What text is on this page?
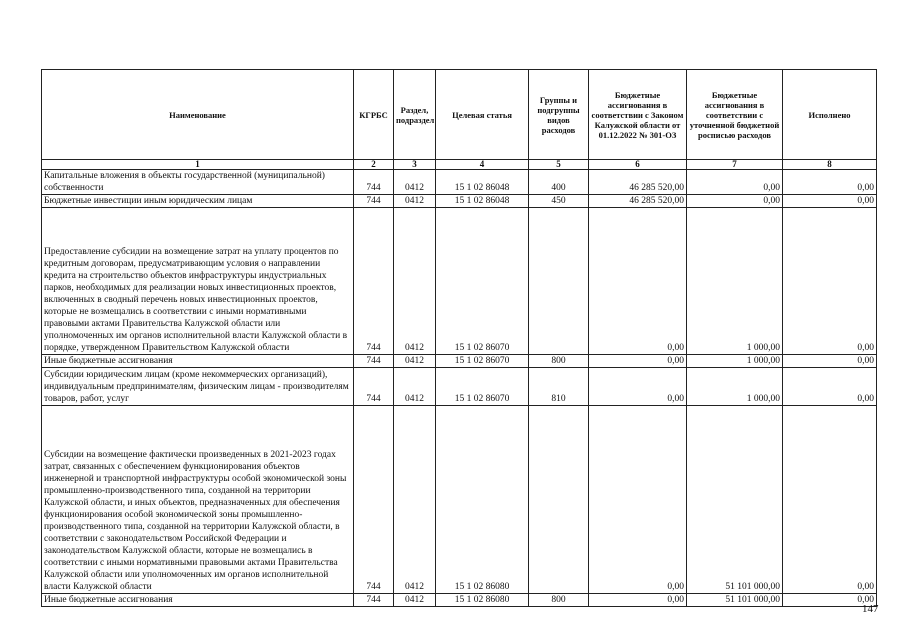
Наименование	КГРБС	Раздел, подраздел	Целевая статья	Группы и подгруппы видов расходов	Бюджетные ассигнования в соответствии с Законом Калужской области от 01.12.2022 № 301-ОЗ	Бюджетные ассигнования в соответствии с уточненной бюджетной росписью расходов	Исполнено
1	2	3	4	5	6	7	8
Капитальные вложения в объекты государственной (муниципальной) собственности	744	0412	15 1 02 86048	400	46 285 520,00	0,00	0,00
Бюджетные инвестиции иным юридическим лицам	744	0412	15 1 02 86048	450	46 285 520,00	0,00	0,00
Предоставление субсидии на возмещение затрат на уплату процентов по кредитным договорам, предусматривающим условия о направлении кредита на строительство объектов инфраструктуры индустриальных парков, необходимых для реализации новых инвестиционных проектов, включенных в сводный перечень новых инвестиционных проектов, которые не возмещались в соответствии с иными нормативными правовыми актами Правительства Калужской области или уполномоченных им органов исполнительной власти Калужской области в порядке, утвержденном Правительством Калужской области	744	0412	15 1 02 86070		0,00	1 000,00	0,00
Иные бюджетные ассигнования	744	0412	15 1 02 86070	800	0,00	1 000,00	0,00
Субсидии юридическим лицам (кроме некоммерческих организаций), индивидуальным предпринимателям, физическим лицам - производителям товаров, работ, услуг	744	0412	15 1 02 86070	810	0,00	1 000,00	0,00
Субсидии на возмещение фактически произведенных в 2021-2023 годах затрат, связанных с обеспечением функционирования объектов инженерной и транспортной инфраструктуры особой экономической зоны промышленно-производственного типа, созданной на территории Калужской области, и иных объектов, предназначенных для обеспечения функционирования особой экономической зоны промышленно-производственного типа, созданной на территории Калужской области, в соответствии с законодательством Российской Федерации и законодательством Калужской области, которые не возмещались в соответствии с иными нормативными правовыми актами Правительства Калужской области или уполномоченных им органов исполнительной власти Калужской области	744	0412	15 1 02 86080		0,00	51 101 000,00	0,00
Иные бюджетные ассигнования	744	0412	15 1 02 86080	800	0,00	51 101 000,00	0,00
147
